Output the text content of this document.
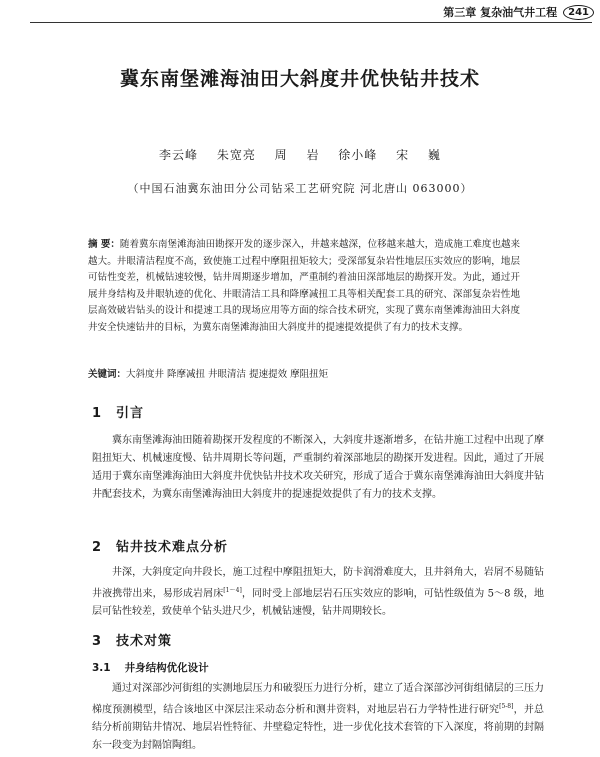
第三章 复杂油气井工程	241
冀东南堡滩海油田大斜度井优快钻井技术
李云峰 朱宽亮 周 岩 徐小峰 宋 巍
（中国石油冀东油田分公司钻采工艺研究院 河北唐山 063000）
摘 要：随着冀东南堡滩海油田勘探开发的逐步深入，井越来越深，位移越来越大，造成施工难度也越来越大。井眼清洁程度不高，致使施工过程中摩阻扭矩较大；受深部复杂岩性地层压实效应的影响，地层可钻性变差，机械钻速较慢，钻井周期逐步增加，严重制约着油田深部地层的勘探开发。为此，通过开展井身结构及井眼轨迹的优化、井眼清洁工具和降摩减扭工具等相关配套工具的研究、深部复杂岩性地层高效破岩钻头的设计和提速工具的现场应用等方面的综合技术研究，实现了冀东南堡滩海油田大斜度井安全快速钻井的目标，为冀东南堡滩海油田大斜度井的提速提效提供了有力的技术支撑。
关键词：大斜度井 降摩减扭 井眼清洁 提速提效 摩阻扭矩
1 引言
冀东南堡滩海油田随着勘探开发程度的不断深入，大斜度井逐渐增多，在钻井施工过程中出现了摩阻扭矩大、机械速度慢、钻井周期长等问题，严重制约着深部地层的勘探开发进程。因此，通过了开展适用于冀东南堡滩海油田大斜度井优快钻井技术攻关研究，形成了适合于冀东南堡滩海油田大斜度井钻井配套技术，为冀东南堡滩海油田大斜度井的提速提效提供了有力的技术支撑。
2 钻井技术难点分析
井深，大斜度定向井段长，施工过程中摩阻扭矩大，防卡润滑难度大，且井斜角大，岩屑不易随钻井液携带出来，易形成岩屑床[1～4]，同时受上部地层岩石压实效应的影响，可钻性级值为 5～8 级，地层可钻性较差，致使单个钻头进尺少，机械钻速慢，钻井周期较长。
3 技术对策
3.1 井身结构优化设计
通过对深部沙河街组的实测地层压力和破裂压力进行分析，建立了适合深部沙河街组储层的三压力梯度预测模型，结合该地区中深层注采动态分析和测井资料，对地层岩石力学特性进行研究[5-8]，并总结分析前期钻井情况、地层岩性特征、井壁稳定特性，进一步优化技术套管的下入深度，将前期的封隔东一段变为封隔馆陶组。
